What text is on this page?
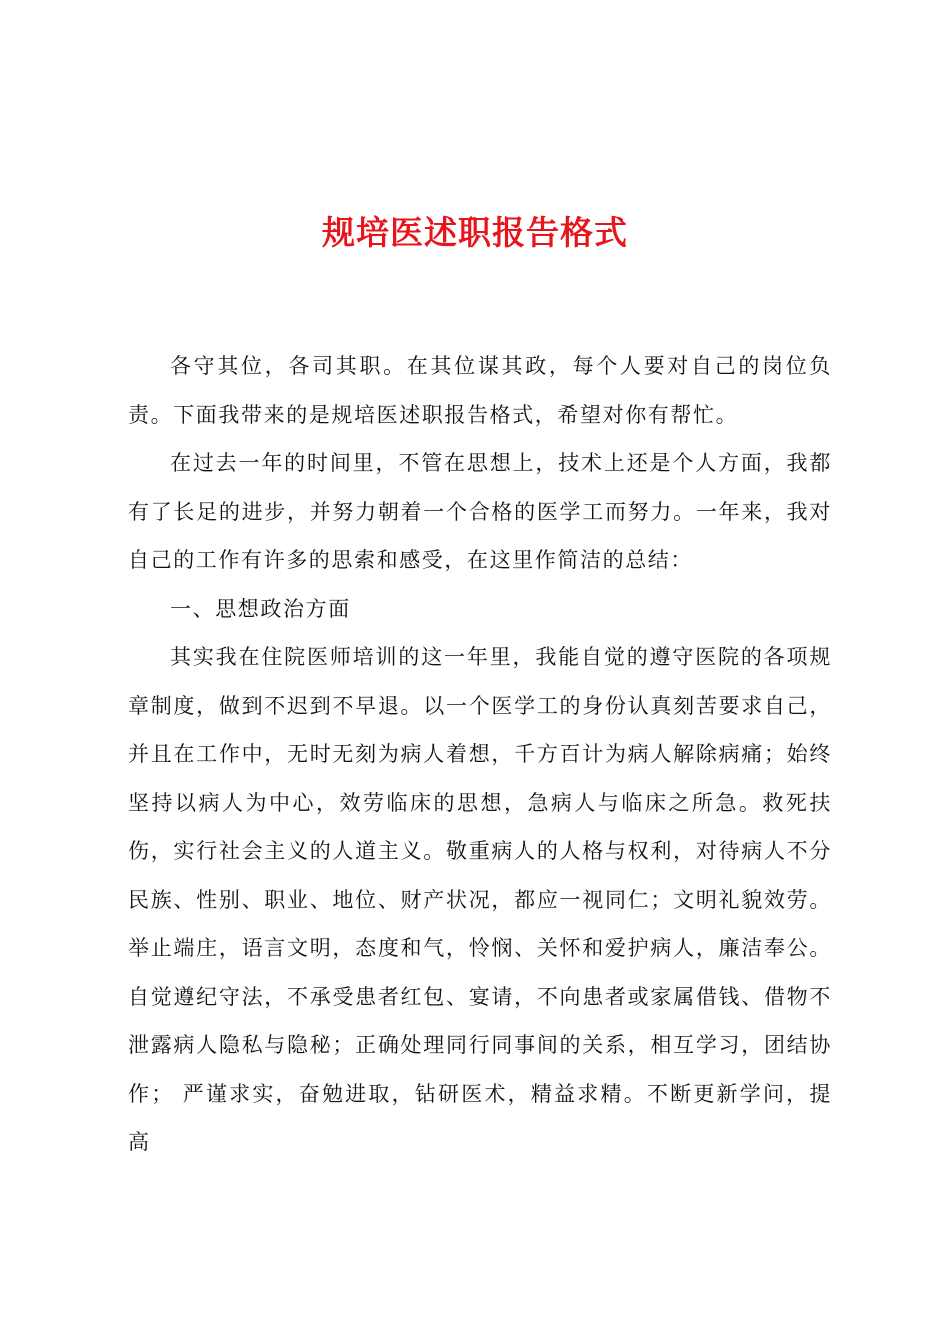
规培医述职报告格式

各守其位，各司其职。在其位谋其政，每个人要对自己的岗位负责。下面我带来的是规培医述职报告格式，希望对你有帮忙。

在过去一年的时间里，不管在思想上，技术上还是个人方面，我都有了长足的进步，并努力朝着一个合格的医学工而努力。一年来，我对自己的工作有许多的思索和感受，在这里作简洁的总结：

一、思想政治方面

其实我在住院医师培训的这一年里，我能自觉的遵守医院的各项规章制度，做到不迟到不早退。以一个医学工的身份认真刻苦要求自己，并且在工作中，无时无刻为病人着想，千方百计为病人解除病痛；始终坚持以病人为中心，效劳临床的思想，急病人与临床之所急。救死扶伤，实行社会主义的人道主义。敬重病人的人格与权利，对待病人不分民族、性别、职业、地位、财产状况，都应一视同仁；文明礼貌效劳。举止端庄，语言文明，态度和气，怜悯、关怀和爱护病人，廉洁奉公。自觉遵纪守法，不承受患者红包、宴请，不向患者或家属借钱、借物不泄露病人隐私与隐秘；正确处理同行同事间的关系，相互学习，团结协作； 严谨求实，奋勉进取，钻研医术，精益求精。不断更新学问，提高
